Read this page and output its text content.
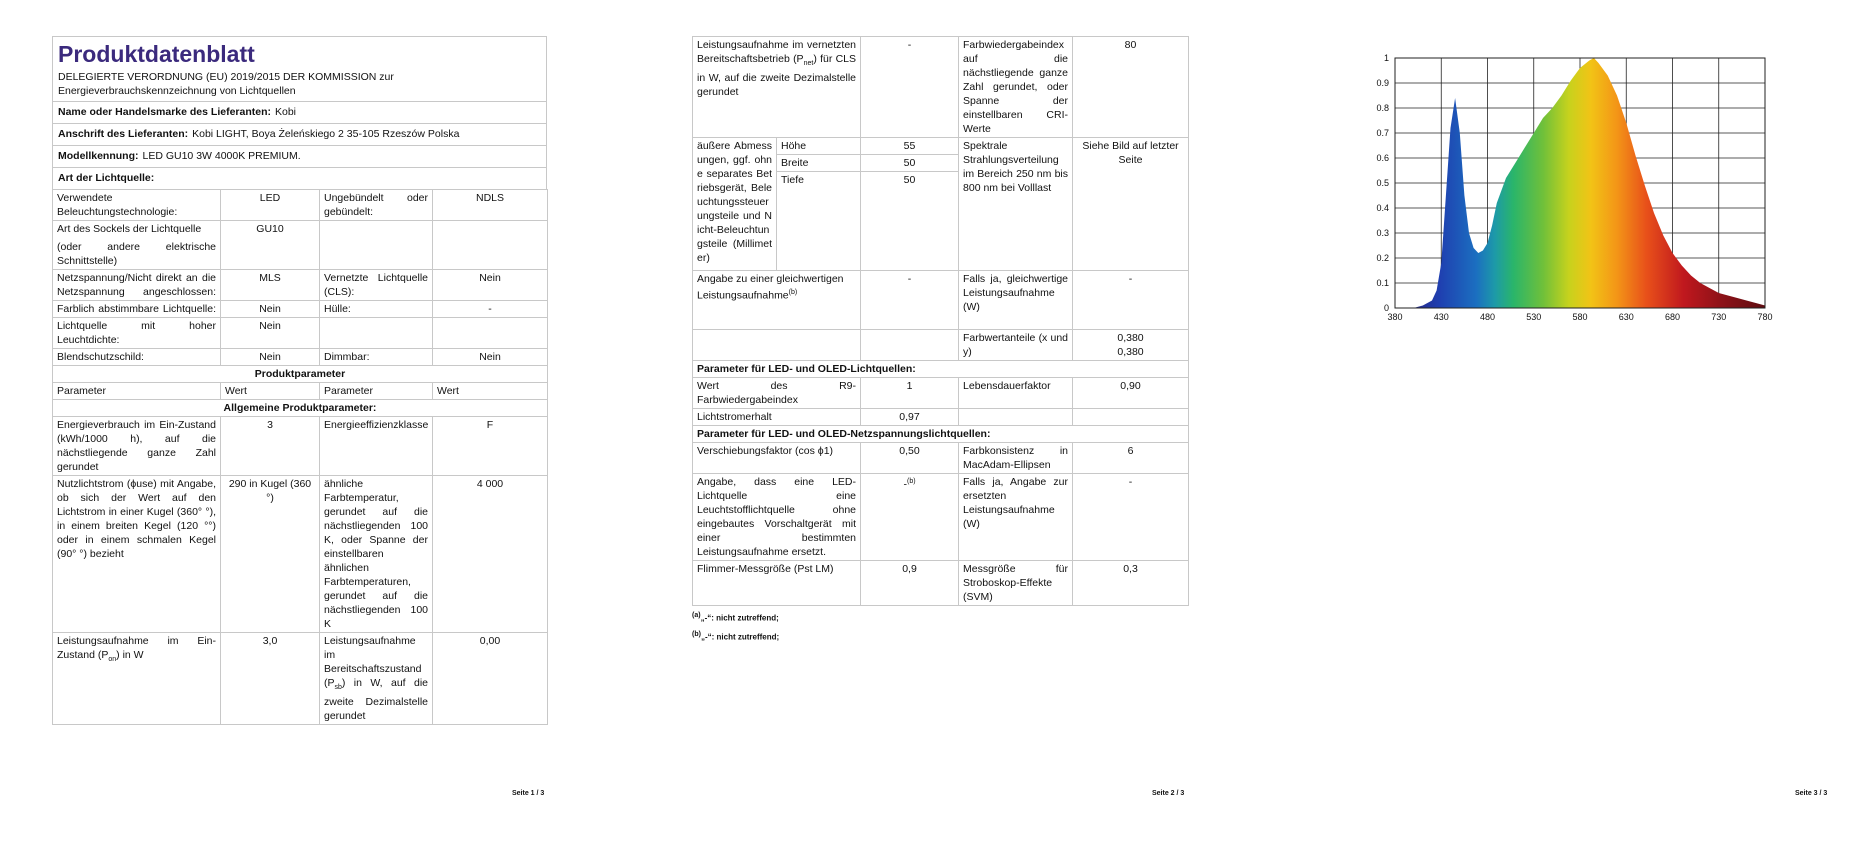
Produktdatenblatt
DELEGIERTE VERORDNUNG (EU) 2019/2015 DER KOMMISSION zur Energieverbrauchskennzeichnung von Lichtquellen
Name oder Handelsmarke des Lieferanten: Kobi
Anschrift des Lieferanten: Kobi LIGHT, Boya Żeleńskiego 2 35-105 Rzeszów Polska
Modellkennung: LED GU10 3W 4000K PREMIUM.
Art der Lichtquelle:
Verwendete Beleuchtungstechnologie:	LED	Ungebündelt oder gebündelt:	NDLS

Art des Sockels der Lichtquelle
(oder andere elektrische Schnittstelle)	GU10		
Netzspannung/Nicht direkt an die Netzspannung angeschlossen:	MLS	Vernetzte Lichtquelle (CLS):	Nein
Farblich abstimmbare Lichtquelle:	Nein	Hülle:	-
Lichtquelle mit hoher Leuchtdichte:	Nein		
Blendschutzschild:	Nein	Dimmbar:	Nein
Produktparameter			
Parameter	Wert	Parameter	Wert
Allgemeine Produktparameter:			
Energieverbrauch im Ein-Zustand (kWh/1000 h), auf die nächstliegende ganze Zahl gerundet	3	Energieeffizienzklasse	F
Nutzlichtstrom (ϕuse) mit Angabe, ob sich der Wert auf den Lichtstrom in einer Kugel (360° °), in einem breiten Kegel (120 °°) oder in einem schmalen Kegel (90° °) bezieht	290 in Kugel (360 °)	ähnliche Farbtemperatur, gerundet auf die nächstliegenden 100 K, oder Spanne der einstellbaren ähnlichen Farbtemperaturen, gerundet auf die nächstliegenden 100 K	4 000
Leistungsaufnahme im Ein-Zustand $(P_{on})$ in W	3,0	Leistungsaufnahme im Bereitschaftszustand $(P_{sb})$ in W, auf die zweite Dezimalstelle gerundet	0,00
Seite 1 / 3
Leistungsaufnahme im vernetzten Bereitschaftsbetrieb $(P_{net})$ für CLS in W, auf die zweite Dezimalstelle gerundet		-	Farbwiedergabeindex auf die nächstliegende ganze Zahl gerundet, oder Spanne der einstellbaren CRI-Werte	80
äußere Abmessungen, ggf. ohne separates Betriebsgerät, Beleuchtungssteuerungsteile und Nicht-Beleuchtungsteile (Millimeter)	Höhe	55	Spektrale Strahlungsverteilung im Bereich 250 nm bis 800 nm bei Volllast	Siehe Bild auf letzter Seite
	Breite	50		
	Tiefe	50		
Angabe zu einer gleichwertigen Leistungsaufnahme$^{(b)}$		-	Falls ja, gleichwertige Leistungsaufnahme (W)	-
			Farbwertanteile (x und y)	0,380
0,380

Parameter für LED- und OLED-Lichtquellen:				
Wert des R9-Farbwiedergabeindex		1	Lebensdauerfaktor	0,90
Lichtstromerhalt		0,97		
Parameter für LED- und OLED-Netzspannungslichtquellen:				
Verschiebungsfaktor (cos ϕ1)		0,50	Farbkonsistenz in MacAdam-Ellipsen	6
Angabe, dass eine LED-Lichtquelle eine Leuchtstofflichtquelle ohne eingebautes Vorschaltgerät mit einer bestimmten Leistungsaufnahme ersetzt.		-$^{(b)}$	Falls ja, Angabe zur ersetzten Leistungsaufnahme (W)	-
Flimmer-Messgröße (Pst LM)		0,9	Messgröße für Stroboskop-Effekte (SVM)	0,3
$^{(a)}$„-“: nicht zutreffend;
$^{(b)}$„-“: nicht zutreffend;
Seite 2 / 3
0
0.1
0.2
0.3
0.4
0.5
0.6
0.7
0.8
0.9
1
380	430	480	530	580	630	680	730	780
Seite 3 / 3
